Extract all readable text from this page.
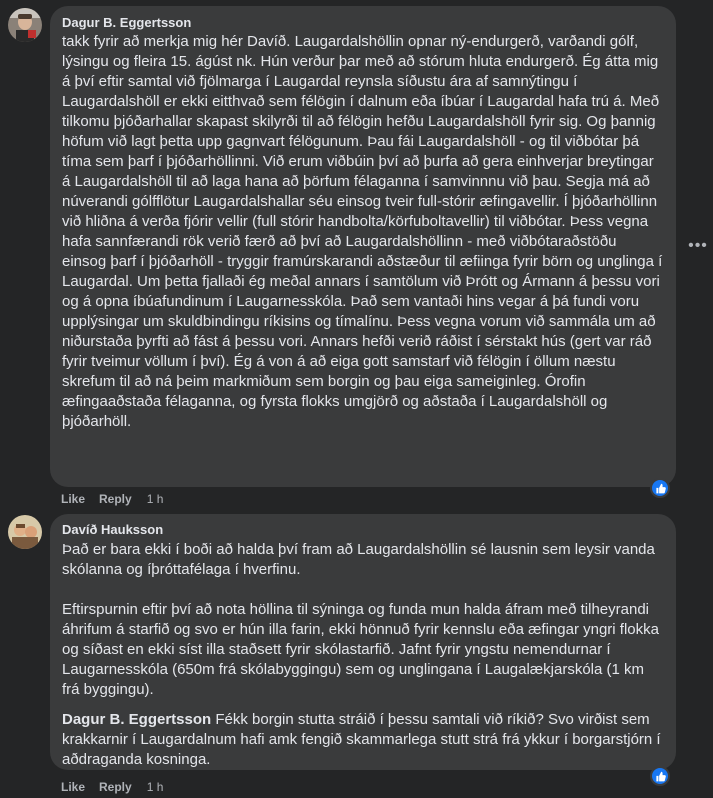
Dagur B. Eggertsson
takk fyrir að merkja mig hér Davíð. Laugardalshöllin opnar ný-endurgerð, varðandi gólf, lýsingu og fleira 15. ágúst nk. Hún verður þar með að stórum hluta endurgerð. Ég átta mig á því eftir samtal við fjölmarga í Laugardal reynsla síðustu ára af samnýtingu í Laugardalshöll er ekki eitthvað sem félögin í dalnum eða íbúar í Laugardal hafa trú á. Með tilkomu þjóðarhallar skapast skilyrði til að félögin hefðu Laugardalshöll fyrir sig. Og þannig höfum við lagt þetta upp gagnvart félögunum. Þau fái Laugardalshöll - og til viðbótar þá tíma sem þarf í þjóðarhöllinni. Við erum viðbúin því að þurfa að gera einhverjar breytingar á Laugardalshöll til að laga hana að þörfum félaganna í samvinnnu við þau. Segja má að núverandi gólfflötur Laugardalshallar séu einsog tveir full-stórir æfingavellir. Í þjóðarhöllinn við hliðna á verða fjórir vellir (full stórir handbolta/körfuboltavellir) til viðbótar. Þess vegna hafa sannfærandi rök verið færð að því að Laugardalshöllinn - með viðbótaraðstöðu einsog þarf í þjóðarhöll - tryggir framúrskarandi aðstæður til æfiinga fyrir börn og unglinga í Laugardal. Um þetta fjallaði ég meðal annars í samtölum við Þrótt og Ármann á þessu vori og á opna íbúafundinum í Laugarnesskóla. Það sem vantaði hins vegar á þá fundi voru upplýsingar um skuldbindingu ríkisins og tímalínu. Þess vegna vorum við sammála um að niðurstaða þyrfti að fást á þessu vori. Annars hefði verið ráðist í sérstakt hús (gert var ráð fyrir tveimur völlum í því). Ég á von á að eiga gott samstarf við félögin í öllum næstu skrefum til að ná þeim markmiðum sem borgin og þau eiga sameiginleg. Órofin æfingaaðstaða félaganna, og fyrsta flokks umgjörð og aðstaða í Laugardalshöll og þjóðarhöll.
•••
Like Reply 1 h
Davíð Hauksson
Það er bara ekki í boði að halda því fram að Laugardalshöllin sé lausnin sem leysir vanda skólanna og íþróttafélaga í hverfinu.
Eftirspurnin eftir því að nota höllina til sýninga og funda mun halda áfram með tilheyrandi áhrifum á starfið og svo er hún illa farin, ekki hönnuð fyrir kennslu eða æfingar yngri flokka og síðast en ekki síst illa staðsett fyrir skólastarfið. Jafnt fyrir yngstu nemendurnar í Laugarnesskóla (650m frá skólabyggingu) sem og unglingana í Laugalækjarskóla (1 km frá byggingu).
Dagur B. Eggertsson Fékk borgin stutta stráið í þessu samtali við ríkið? Svo virðist sem krakkarnir í Laugardalnum hafi amk fengið skammarlega stutt strá frá ykkur í borgarstjórn í aðdraganda kosninga.
Like Reply 1 h
